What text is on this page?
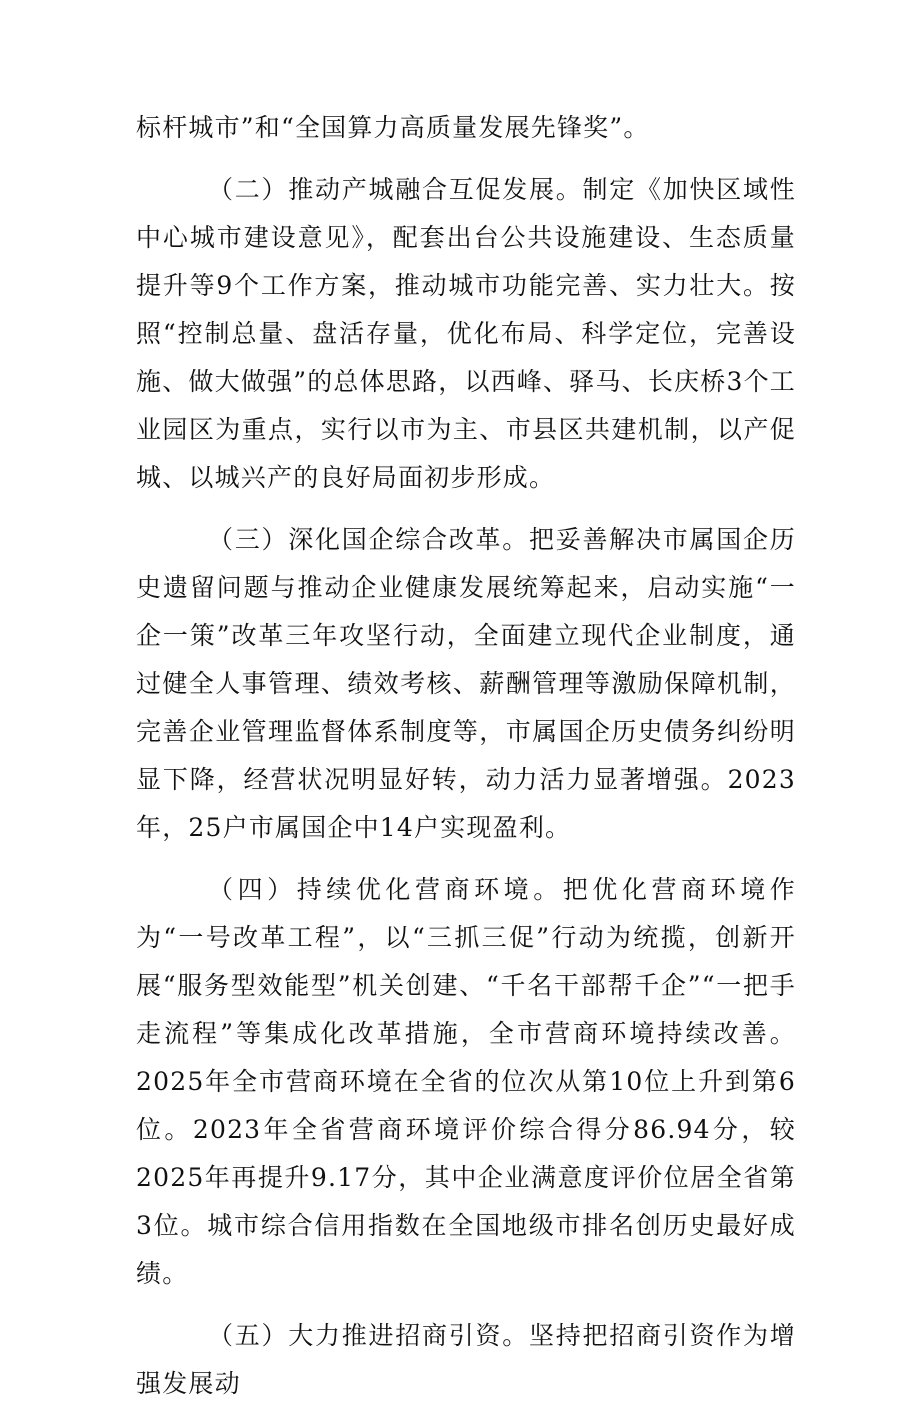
标杆城市”和“全国算力高质量发展先锋奖”。

（二）推动产城融合互促发展。制定《加快区域性中心城市建设意见》，配套出台公共设施建设、生态质量提升等9个工作方案，推动城市功能完善、实力壮大。按照“控制总量、盘活存量，优化布局、科学定位，完善设施、做大做强”的总体思路，以西峰、驿马、长庆桥3个工业园区为重点，实行以市为主、市县区共建机制，以产促城、以城兴产的良好局面初步形成。

（三）深化国企综合改革。把妥善解决市属国企历史遗留问题与推动企业健康发展统筹起来，启动实施“一企一策”改革三年攻坚行动，全面建立现代企业制度，通过健全人事管理、绩效考核、薪酬管理等激励保障机制，完善企业管理监督体系制度等，市属国企历史债务纠纷明显下降，经营状况明显好转，动力活力显著增强。2023年，25户市属国企中14户实现盈利。

（四）持续优化营商环境。把优化营商环境作为“一号改革工程”，以“三抓三促”行动为统揽，创新开展“服务型效能型”机关创建、“千名干部帮千企”“一把手走流程”等集成化改革措施，全市营商环境持续改善。2025年全市营商环境在全省的位次从第10位上升到第6位。2023年全省营商环境评价综合得分86.94分，较2025年再提升9.17分，其中企业满意度评价位居全省第3位。城市综合信用指数在全国地级市排名创历史最好成绩。

（五）大力推进招商引资。坚持把招商引资作为增强发展动
